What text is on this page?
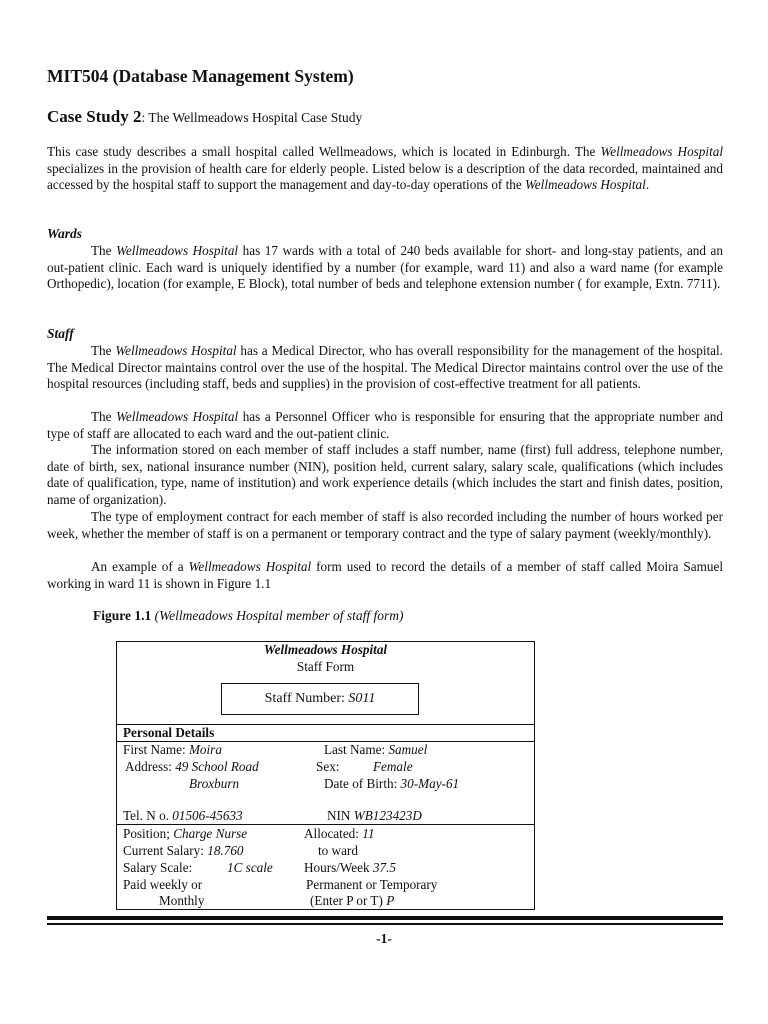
MIT504 (Database Management System)
Case Study 2: The Wellmeadows Hospital Case Study
This case study describes a small hospital called Wellmeadows, which is located in Edinburgh. The Wellmeadows Hospital specializes in the provision of health care for elderly people. Listed below is a description of the data recorded, maintained and accessed by the hospital staff to support the management and day-to-day operations of the Wellmeadows Hospital.
Wards
The Wellmeadows Hospital has 17 wards with a total of 240 beds available for short- and long-stay patients, and an out-patient clinic. Each ward is uniquely identified by a number (for example, ward 11) and also a ward name (for example Orthopedic), location (for example, E Block), total number of beds and telephone extension number ( for example, Extn. 7711).
Staff
The Wellmeadows Hospital has a Medical Director, who has overall responsibility for the management of the hospital. The Medical Director maintains control over the use of the hospital. The Medical Director maintains control over the use of the hospital resources (including staff, beds and supplies) in the provision of cost-effective treatment for all patients.
The Wellmeadows Hospital has a Personnel Officer who is responsible for ensuring that the appropriate number and type of staff are allocated to each ward and the out-patient clinic.
The information stored on each member of staff includes a staff number, name (first) full address, telephone number, date of birth, sex, national insurance number (NIN), position held, current salary, salary scale, qualifications (which includes date of qualification, type, name of institution) and work experience details (which includes the start and finish dates, position, name of organization).
The type of employment contract for each member of staff is also recorded including the number of hours worked per week, whether the member of staff is on a permanent or temporary contract and the type of salary payment (weekly/monthly).
An example of a Wellmeadows Hospital form used to record the details of a member of staff called Moira Samuel working in ward 11 is shown in Figure 1.1
Figure 1.1 (Wellmeadows Hospital member of staff form)
Wellmeadows Hospital
Staff Form
Staff Number: S011
Personal Details
First Name: Moira	Last Name: Samuel
Address: 49 School Road	Sex:	Female
Broxburn	Date of Birth: 30-May-61
Tel. N o. 01506-45633	NIN WB123423D
Position; Charge Nurse	Allocated: 11
Current Salary: 18.760	to ward
Salary Scale:	1C scale Hours/Week 37.5
Paid weekly or	Permanent or Temporary
Monthly	(Enter P or T) P
-1-
